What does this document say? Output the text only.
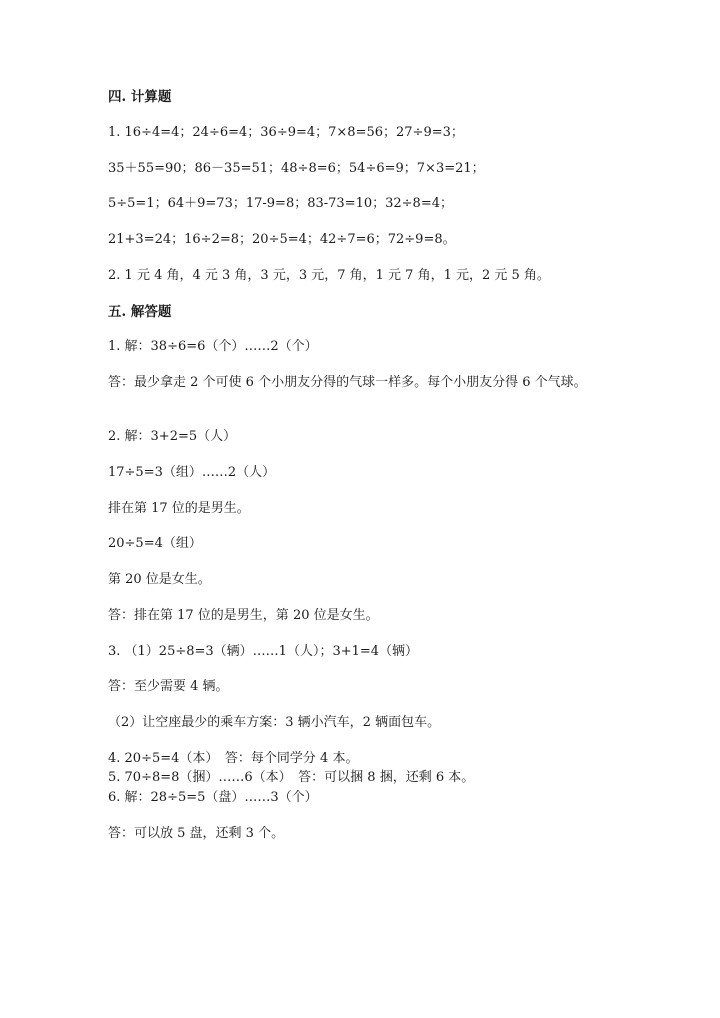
四. 计算题
1. 16÷4=4；24÷6=4；36÷9=4；7×8=56；27÷9=3；
35＋55=90；86－35=51；48÷8=6；54÷6=9；7×3=21；
5÷5=1；64＋9=73；17-9=8；83-73=10；32÷8=4；
21+3=24；16÷2=8；20÷5=4；42÷7=6；72÷9=8。
2. 1 元 4 角，4 元 3 角，3 元，3 元，7 角，1 元 7 角，1 元，2 元 5 角。
五. 解答题
1. 解：38÷6=6（个）……2（个）
答：最少拿走 2 个可使 6 个小朋友分得的气球一样多。每个小朋友分得 6 个气球。
2. 解：3+2=5（人）
17÷5=3（组）……2（人）
排在第 17 位的是男生。
20÷5=4（组）
第 20 位是女生。
答：排在第 17 位的是男生，第 20 位是女生。
3. （1）25÷8=3（辆）……1（人）；3+1=4（辆）
答：至少需要 4 辆。
（2）让空座最少的乘车方案：3 辆小汽车，2 辆面包车。
4. 20÷5=4（本）　答：每个同学分 4 本。
5. 70÷8=8（捆）……6（本）　答：可以捆 8 捆，还剩 6 本。
6. 解：28÷5=5（盘）……3（个）
答：可以放 5 盘，还剩 3 个。
